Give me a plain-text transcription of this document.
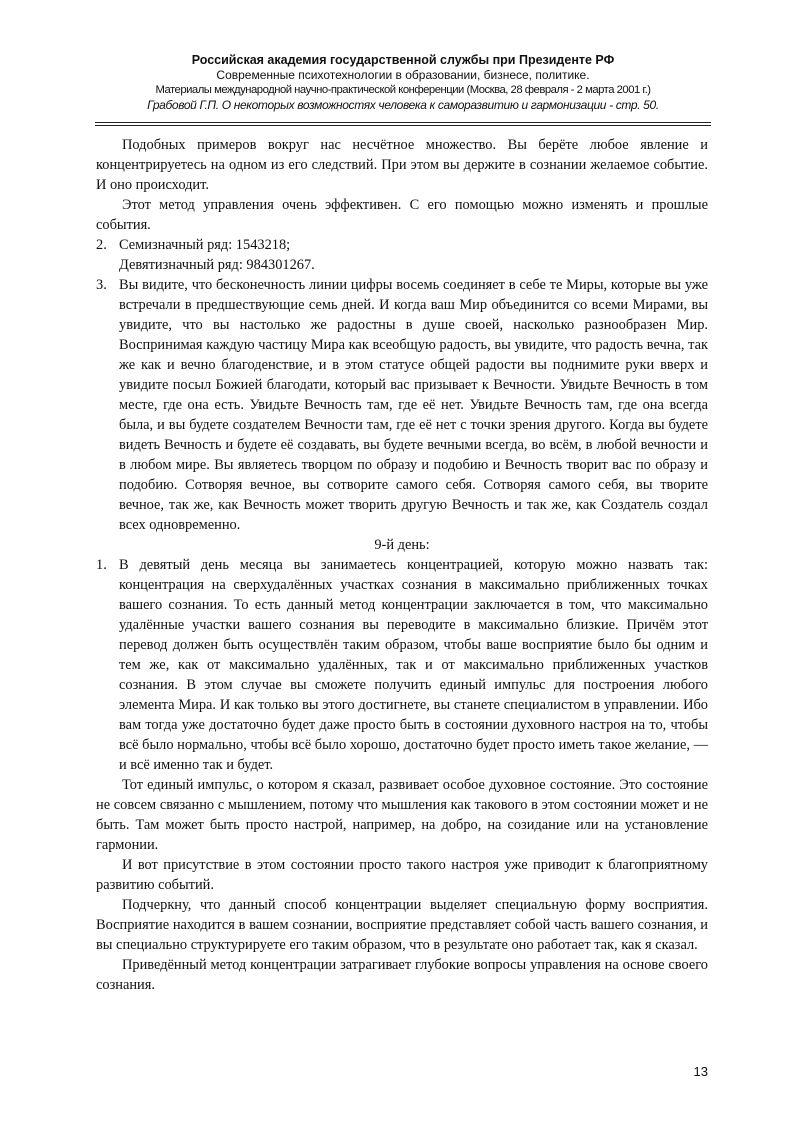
Российская академия государственной службы при Президенте РФ
Современные психотехнологии в образовании, бизнесе, политике.
Материалы международной научно-практической конференции (Москва, 28 февраля - 2 марта 2001 г.)
Грабовой Г.П. О некоторых возможностях человека к саморазвитию и гармонизации - стр. 50.

Подобных примеров вокруг нас несчётное множество. Вы берёте любое явление и концентрируетесь на одном из его следствий. При этом вы держите в сознании желаемое событие. И оно происходит.

Этот метод управления очень эффективен. С его помощью можно изменять и прошлые события.

2. Семизначный ряд: 1543218;
Девятизначный ряд: 984301267.
3. Вы видите, что бесконечность линии цифры восемь соединяет в себе те Миры, которые вы уже встречали в предшествующие семь дней. И когда ваш Мир объединится со всеми Мирами, вы увидите, что вы настолько же радостны в душе своей, насколько разнообразен Мир. Воспринимая каждую частицу Мира как всеобщую радость, вы увидите, что радость вечна, так же как и вечно благоденствие, и в этом статусе общей радости вы поднимите руки вверх и увидите посыл Божией благодати, который вас призывает к Вечности. Увидьте Вечность в том месте, где она есть. Увидьте Вечность там, где её нет. Увидьте Вечность там, где она всегда была, и вы будете создателем Вечности там, где её нет с точки зрения другого. Когда вы будете видеть Вечность и будете её создавать, вы будете вечными всегда, во всём, в любой вечности и в любом мире. Вы являетесь творцом по образу и подобию и Вечность творит вас по образу и подобию. Сотворяя вечное, вы сотворите самого себя. Сотворяя самого себя, вы творите вечное, так же, как Вечность может творить другую Вечность и так же, как Создатель создал всех одновременно.

9-й день:

1. В девятый день месяца вы занимаетесь концентрацией, которую можно назвать так: концентрация на сверхудалённых участках сознания в максимально приближенных точках вашего сознания. То есть данный метод концентрации заключается в том, что максимально удалённые участки вашего сознания вы переводите в максимально близкие. Причём этот перевод должен быть осуществлён таким образом, чтобы ваше восприятие было бы одним и тем же, как от максимально удалённых, так и от максимально приближенных участков сознания. В этом случае вы сможете получить единый импульс для построения любого элемента Мира. И как только вы этого достигнете, вы станете специалистом в управлении. Ибо вам тогда уже достаточно будет даже просто быть в состоянии духовного настроя на то, чтобы всё было нормально, чтобы всё было хорошо, достаточно будет просто иметь такое желание, — и всё именно так и будет.

Тот единый импульс, о котором я сказал, развивает особое духовное состояние. Это состояние не совсем связанно с мышлением, потому что мышления как такового в этом состоянии может и не быть. Там может быть просто настрой, например, на добро, на созидание или на установление гармонии.

И вот присутствие в этом состоянии просто такого настроя уже приводит к благоприятному развитию событий.

Подчеркну, что данный способ концентрации выделяет специальную форму восприятия. Восприятие находится в вашем сознании, восприятие представляет собой часть вашего сознания, и вы специально структурируете его таким образом, что в результате оно работает так, как я сказал.

Приведённый метод концентрации затрагивает глубокие вопросы управления на основе своего сознания.

13
